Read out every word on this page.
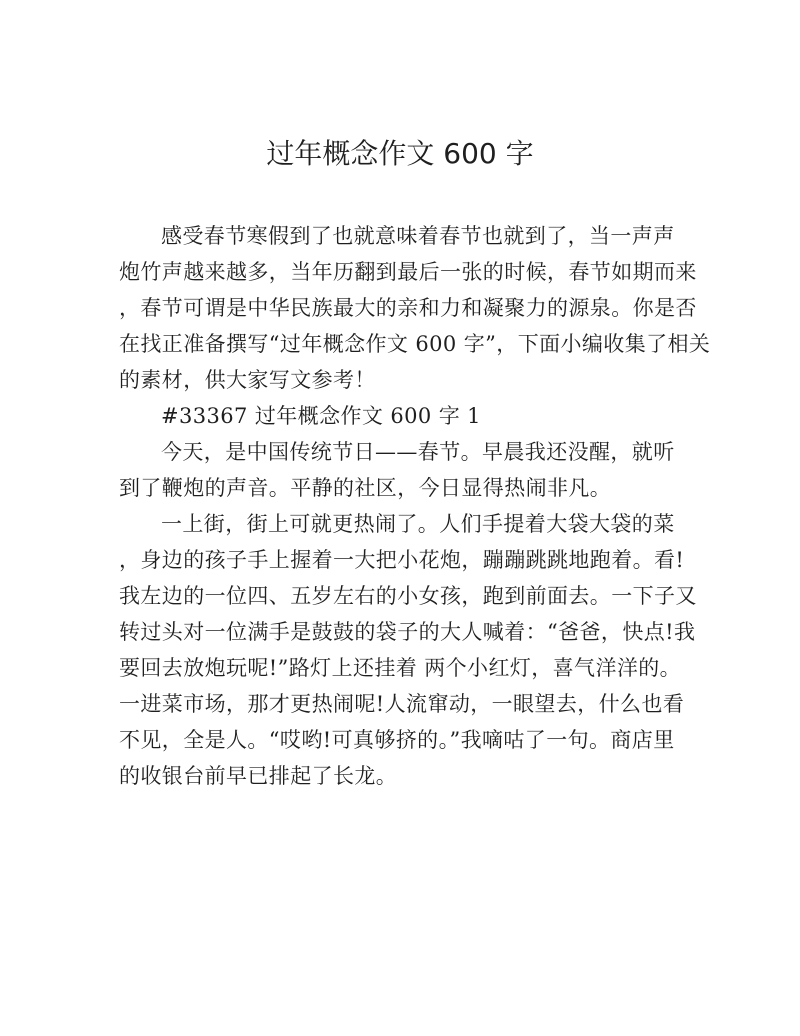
过年概念作文 600 字
感受春节寒假到了也就意味着春节也就到了，当一声声
炮竹声越来越多，当年历翻到最后一张的时候，春节如期而来
，春节可谓是中华民族最大的亲和力和凝聚力的源泉。你是否
在找正准备撰写“过年概念作文 600 字”，下面小编收集了相关
的素材，供大家写文参考！
#33367 过年概念作文 600 字 1
今天，是中国传统节日——春节。早晨我还没醒，就听
到了鞭炮的声音。平静的社区，今日显得热闹非凡。
一上街，街上可就更热闹了。人们手提着大袋大袋的菜
，身边的孩子手上握着一大把小花炮，蹦蹦跳跳地跑着。看!
我左边的一位四、五岁左右的小女孩，跑到前面去。一下子又
转过头对一位满手是鼓鼓的袋子的大人喊着：“爸爸，快点!我
要回去放炮玩呢!”路灯上还挂着 两个小红灯，喜气洋洋的。
一进菜市场，那才更热闹呢!人流窜动，一眼望去，什么也看
不见，全是人。“哎哟!可真够挤的。”我嘀咕了一句。商店里
的收银台前早已排起了长龙。
